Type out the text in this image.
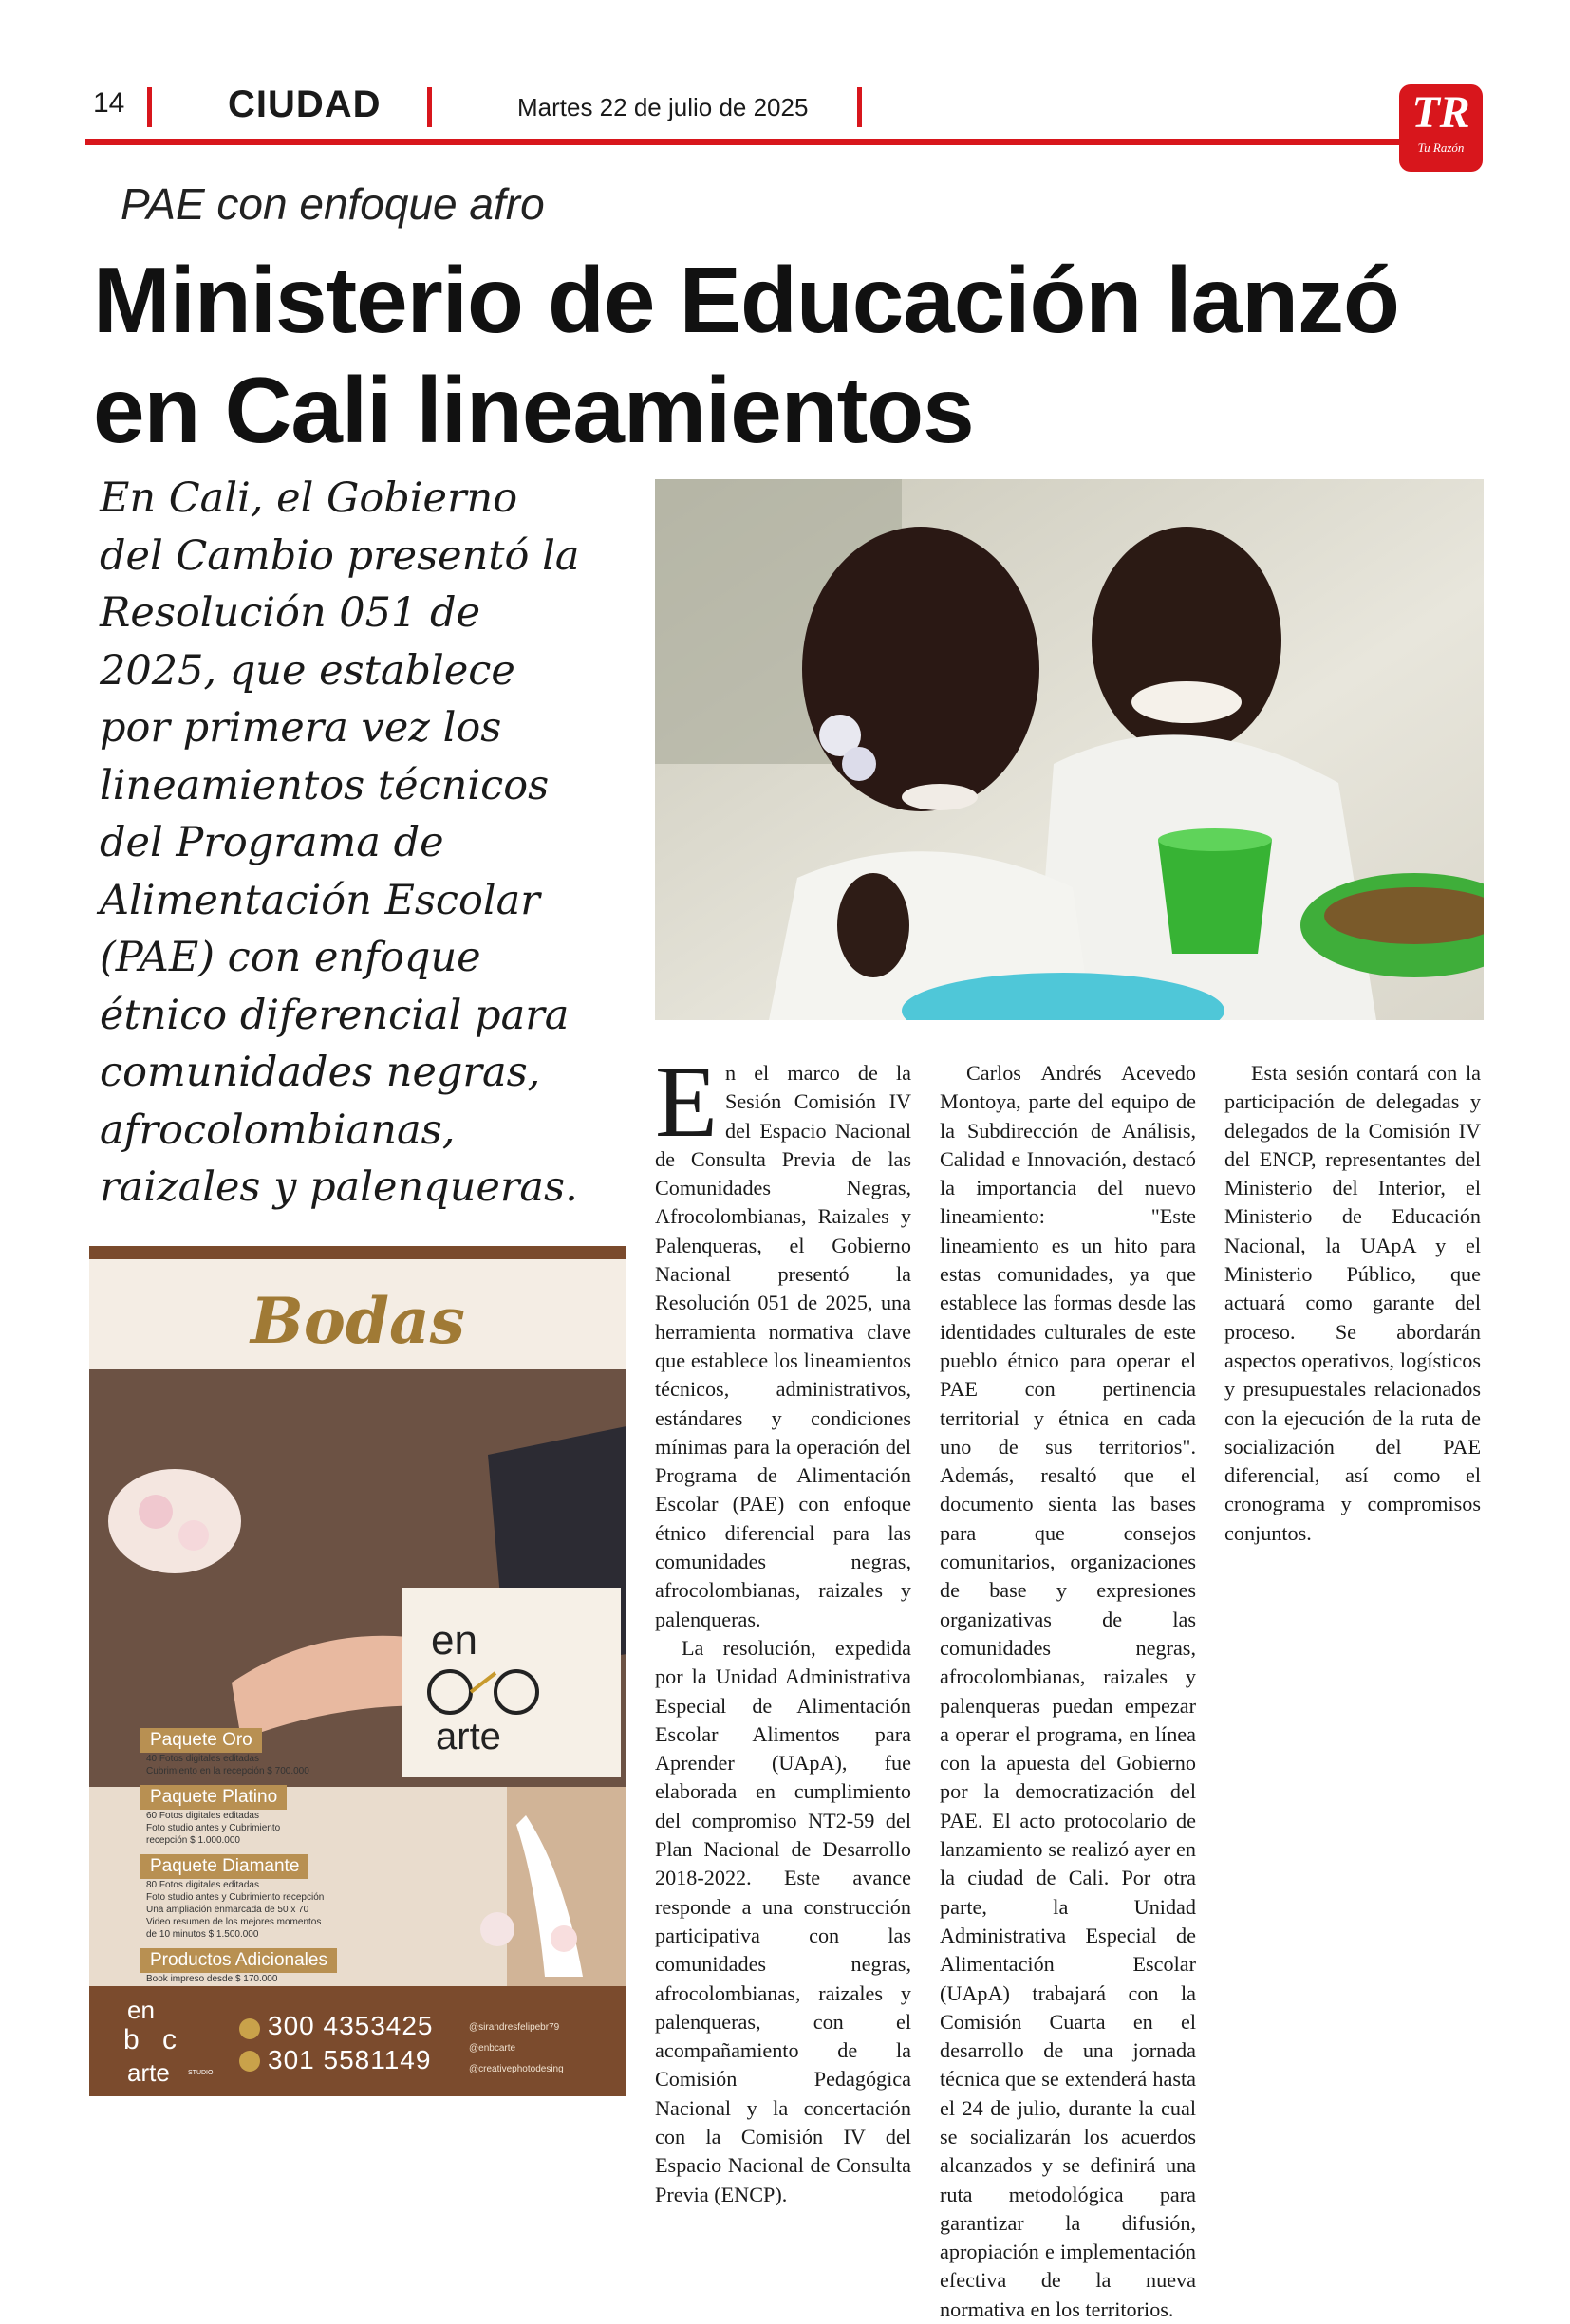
14	CIUDAD	Martes 22 de julio de 2025	TR
Tu Razón
PAE con enfoque afro
Ministerio de Educación lanzó en Cali lineamientos
En Cali, el Gobierno del Cambio presentó la Resolución 051 de 2025, que establece por primera vez los lineamientos técnicos del Programa de Alimentación Escolar (PAE) con enfoque étnico diferencial para comunidades negras, afrocolombianas, raizales y palenqueras.

En el marco de la Sesión Comisión IV del Espacio Nacional de Consulta Previa de las Comunidades Negras, Afrocolombianas, Raizales y Palenqueras, el Gobierno Nacional presentó la Resolución 051 de 2025, una herramienta normativa clave que establece los lineamientos técnicos, administrativos, estándares y condiciones mínimas para la operación del Programa de Alimentación Escolar (PAE) con enfoque étnico diferencial para las comunidades negras, afrocolombianas, raizales y palenqueras.

La resolución, expedida por la Unidad Administrativa Especial de Alimentación Escolar Alimentos para Aprender (UApA), fue elaborada en cumplimiento del compromiso NT2-59 del Plan Nacional de Desarrollo 2018-2022. Este avance responde a una construcción participativa con las comunidades negras, afrocolombianas, raizales y palenqueras, con el acompañamiento de la Comisión Pedagógica Nacional y la concertación con la Comisión IV del Espacio Nacional de Consulta Previa (ENCP).

Carlos Andrés Acevedo Montoya, parte del equipo de la Subdirección de Análisis, Calidad e Innovación, destacó la importancia del nuevo lineamiento: "Este lineamiento es un hito para estas comunidades, ya que establece las formas desde las identidades culturales de este pueblo étnico para operar el PAE con pertinencia territorial y étnica en cada uno de sus territorios". Además, resaltó que el documento sienta las bases para que consejos comunitarios, organizaciones de base y expresiones organizativas de las comunidades negras, afrocolombianas, raizales y palenqueras puedan empezar a operar el programa, en línea con la apuesta del Gobierno por la democratización del PAE. El acto protocolario de lanzamiento se realizó ayer en la ciudad de Cali. Por otra parte, la Unidad Administrativa Especial de Alimentación Escolar (UApA) trabajará con la Comisión Cuarta en el desarrollo de una jornada técnica que se extenderá hasta el 24 de julio, durante la cual se socializarán los acuerdos alcanzados y se definirá una ruta metodológica para garantizar la difusión, apropiación e implementación efectiva de la nueva normativa en los territorios.

Esta sesión contará con la participación de delegadas y delegados de la Comisión IV del ENCP, representantes del Ministerio del Interior, el Ministerio de Educación Nacional, la UApA y el Ministerio Público, que actuará como garante del proceso. Se abordarán aspectos operativos, logísticos y presupuestales relacionados con la ejecución de la ruta de socialización del PAE diferencial, así como el cronograma y compromisos conjuntos.

Bodas
en
arte
Paquete Oro
40 Fotos digitales editadas
Cubrimiento en la recepción $ 700.000
Paquete Platino
60 Fotos digitales editadas
Foto studio antes y Cubrimiento
recepción $ 1.000.000
Paquete Diamante
80 Fotos digitales editadas
Foto studio antes y Cubrimiento recepción
Una ampliación enmarcada de 50 x 70
Video resumen de los mejores momentos
de 10 minutos $ 1.500.000
Productos Adicionales
Book impreso desde $ 170.000
en
b c
arte	STUDIO
300 4353425
301 5581149
@sirandresfelipebr79
@enbcarte
@creativephotodesing
